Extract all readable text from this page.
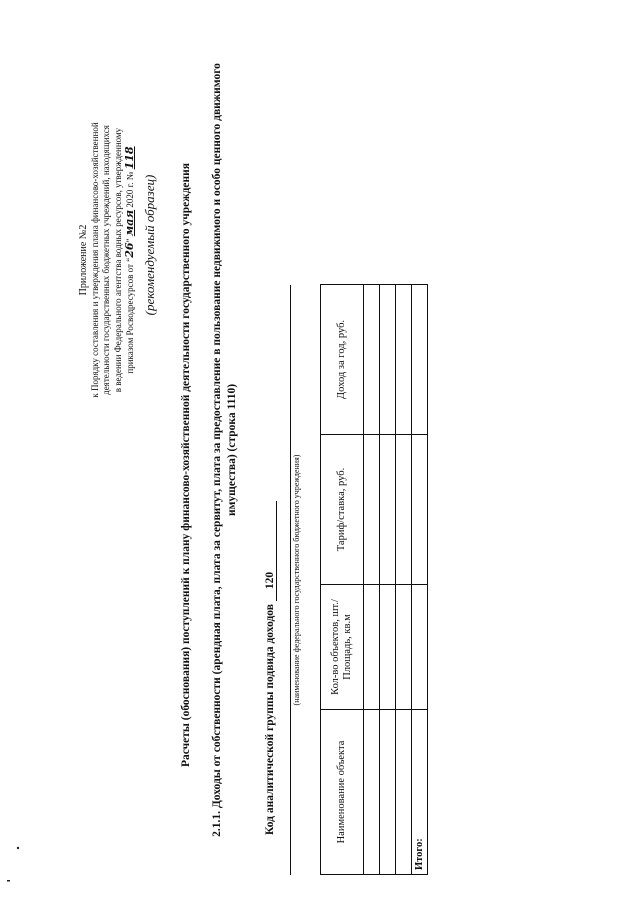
Приложение №2 к Порядку составления и утверждения плана финансово-хозяйственной деятельности государственных бюджетных учреждений, находящихся в ведении Федерального агентства водных ресурсов, утвержденному приказом Росводресурсов от “26” мая 2020 г. № 118
(рекомендуемый образец) Расчеты (обоснования) поступлений к плану финансово-хозяйственной деятельности государственного учреждения 2.1.1. Доходы от собственности (арендная плата, плата за сервитут, плата за предоставление в пользование недвижимого и особо ценного движимого имущества) (строка 1110)
Код аналитической группы подвида доходов 120 (наименование федерального государственного бюджетного учреждения)
Наименование объекта	Кол-во объектов, шт./Площадь, кв.м	Тариф/ставка, руб.	Доход за год, руб.

Итого:			
